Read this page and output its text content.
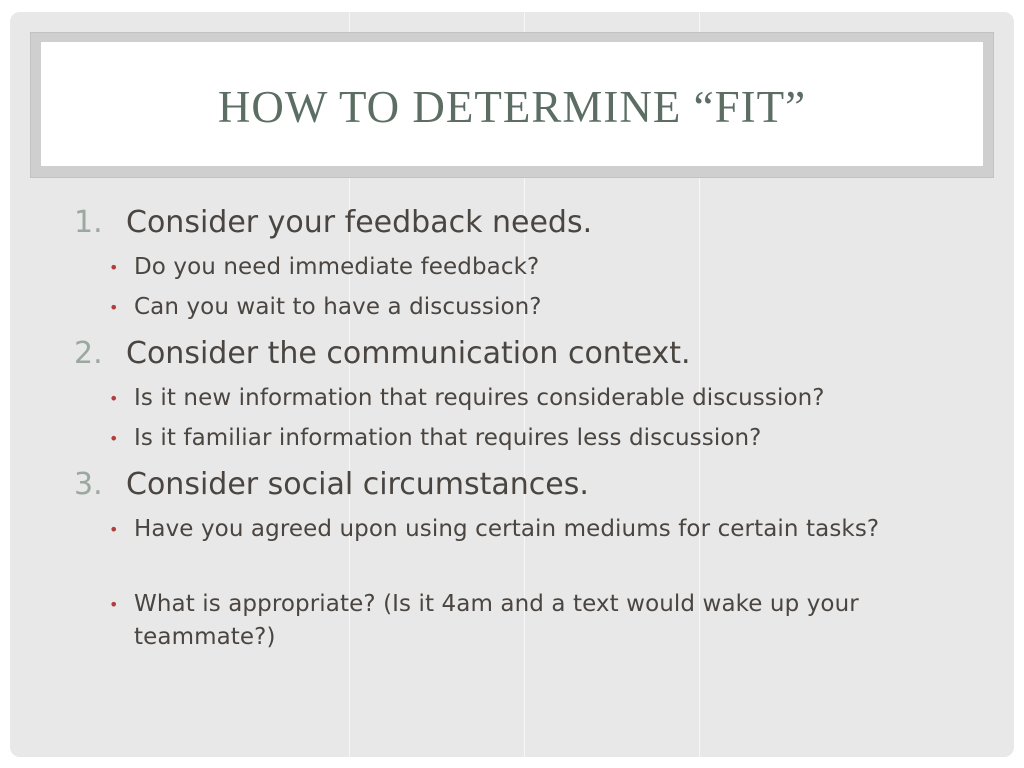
HOW TO DETERMINE “FIT”
1. Consider your feedback needs.
• Do you need immediate feedback?
• Can you wait to have a discussion?
2. Consider the communication context.
• Is it new information that requires considerable discussion?
• Is it familiar information that requires less discussion?
3. Consider social circumstances.
• Have you agreed upon using certain mediums for certain tasks?
• What is appropriate? (Is it 4am and a text would wake up your teammate?)
